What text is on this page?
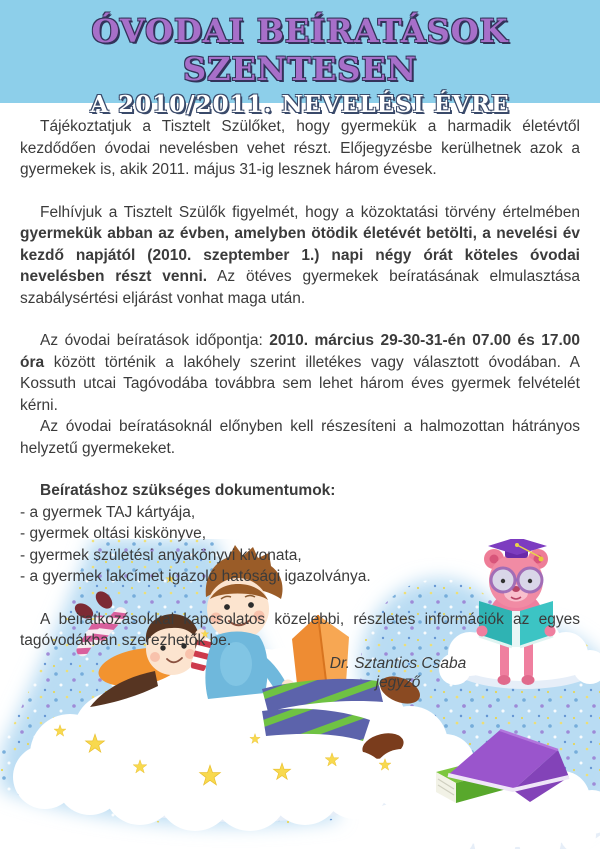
ÓVODAI BEÍRATÁSOK SZENTESEN
A 2010/2011. NEVELÉSI ÉVRE

Tájékoztatjuk a Tisztelt Szülőket, hogy gyermekük a harmadik életévtől kezdődően óvodai nevelésben vehet részt. Előjegyzésbe kerülhetnek azok a gyermekek is, akik 2011. május 31-ig lesznek három évesek.

Felhívjuk a Tisztelt Szülők figyelmét, hogy a közoktatási törvény értelmében gyermekük abban az évben, amelyben ötödik életévét betölti, a nevelési év kezdő napjától (2010. szeptember 1.) napi négy órát köteles óvodai nevelésben részt venni. Az ötéves gyermekek beíratásának elmulasztása szabálysértési eljárást vonhat maga után.

Az óvodai beíratások időpontja: 2010. március 29-30-31-én 07.00 és 17.00 óra között történik a lakóhely szerint illetékes vagy választott óvodában. A Kossuth utcai Tagóvodába továbbra sem lehet három éves gyermek felvételét kérni.

Az óvodai beíratásoknál előnyben kell részesíteni a halmozottan hátrányos helyzetű gyermekeket.

Beíratáshoz szükséges dokumentumok:

- a gyermek TAJ kártyája,
- gyermek oltási kiskönyve,
- gyermek születési anyakönyvi kivonata,
- a gyermek lakcímet igazoló hatósági igazolványa.

A beiratkozásokkal kapcsolatos közelebbi, részletes információk az egyes tagóvodákban szerezhetők be.

Dr. Sztantics Csaba
jegyző
